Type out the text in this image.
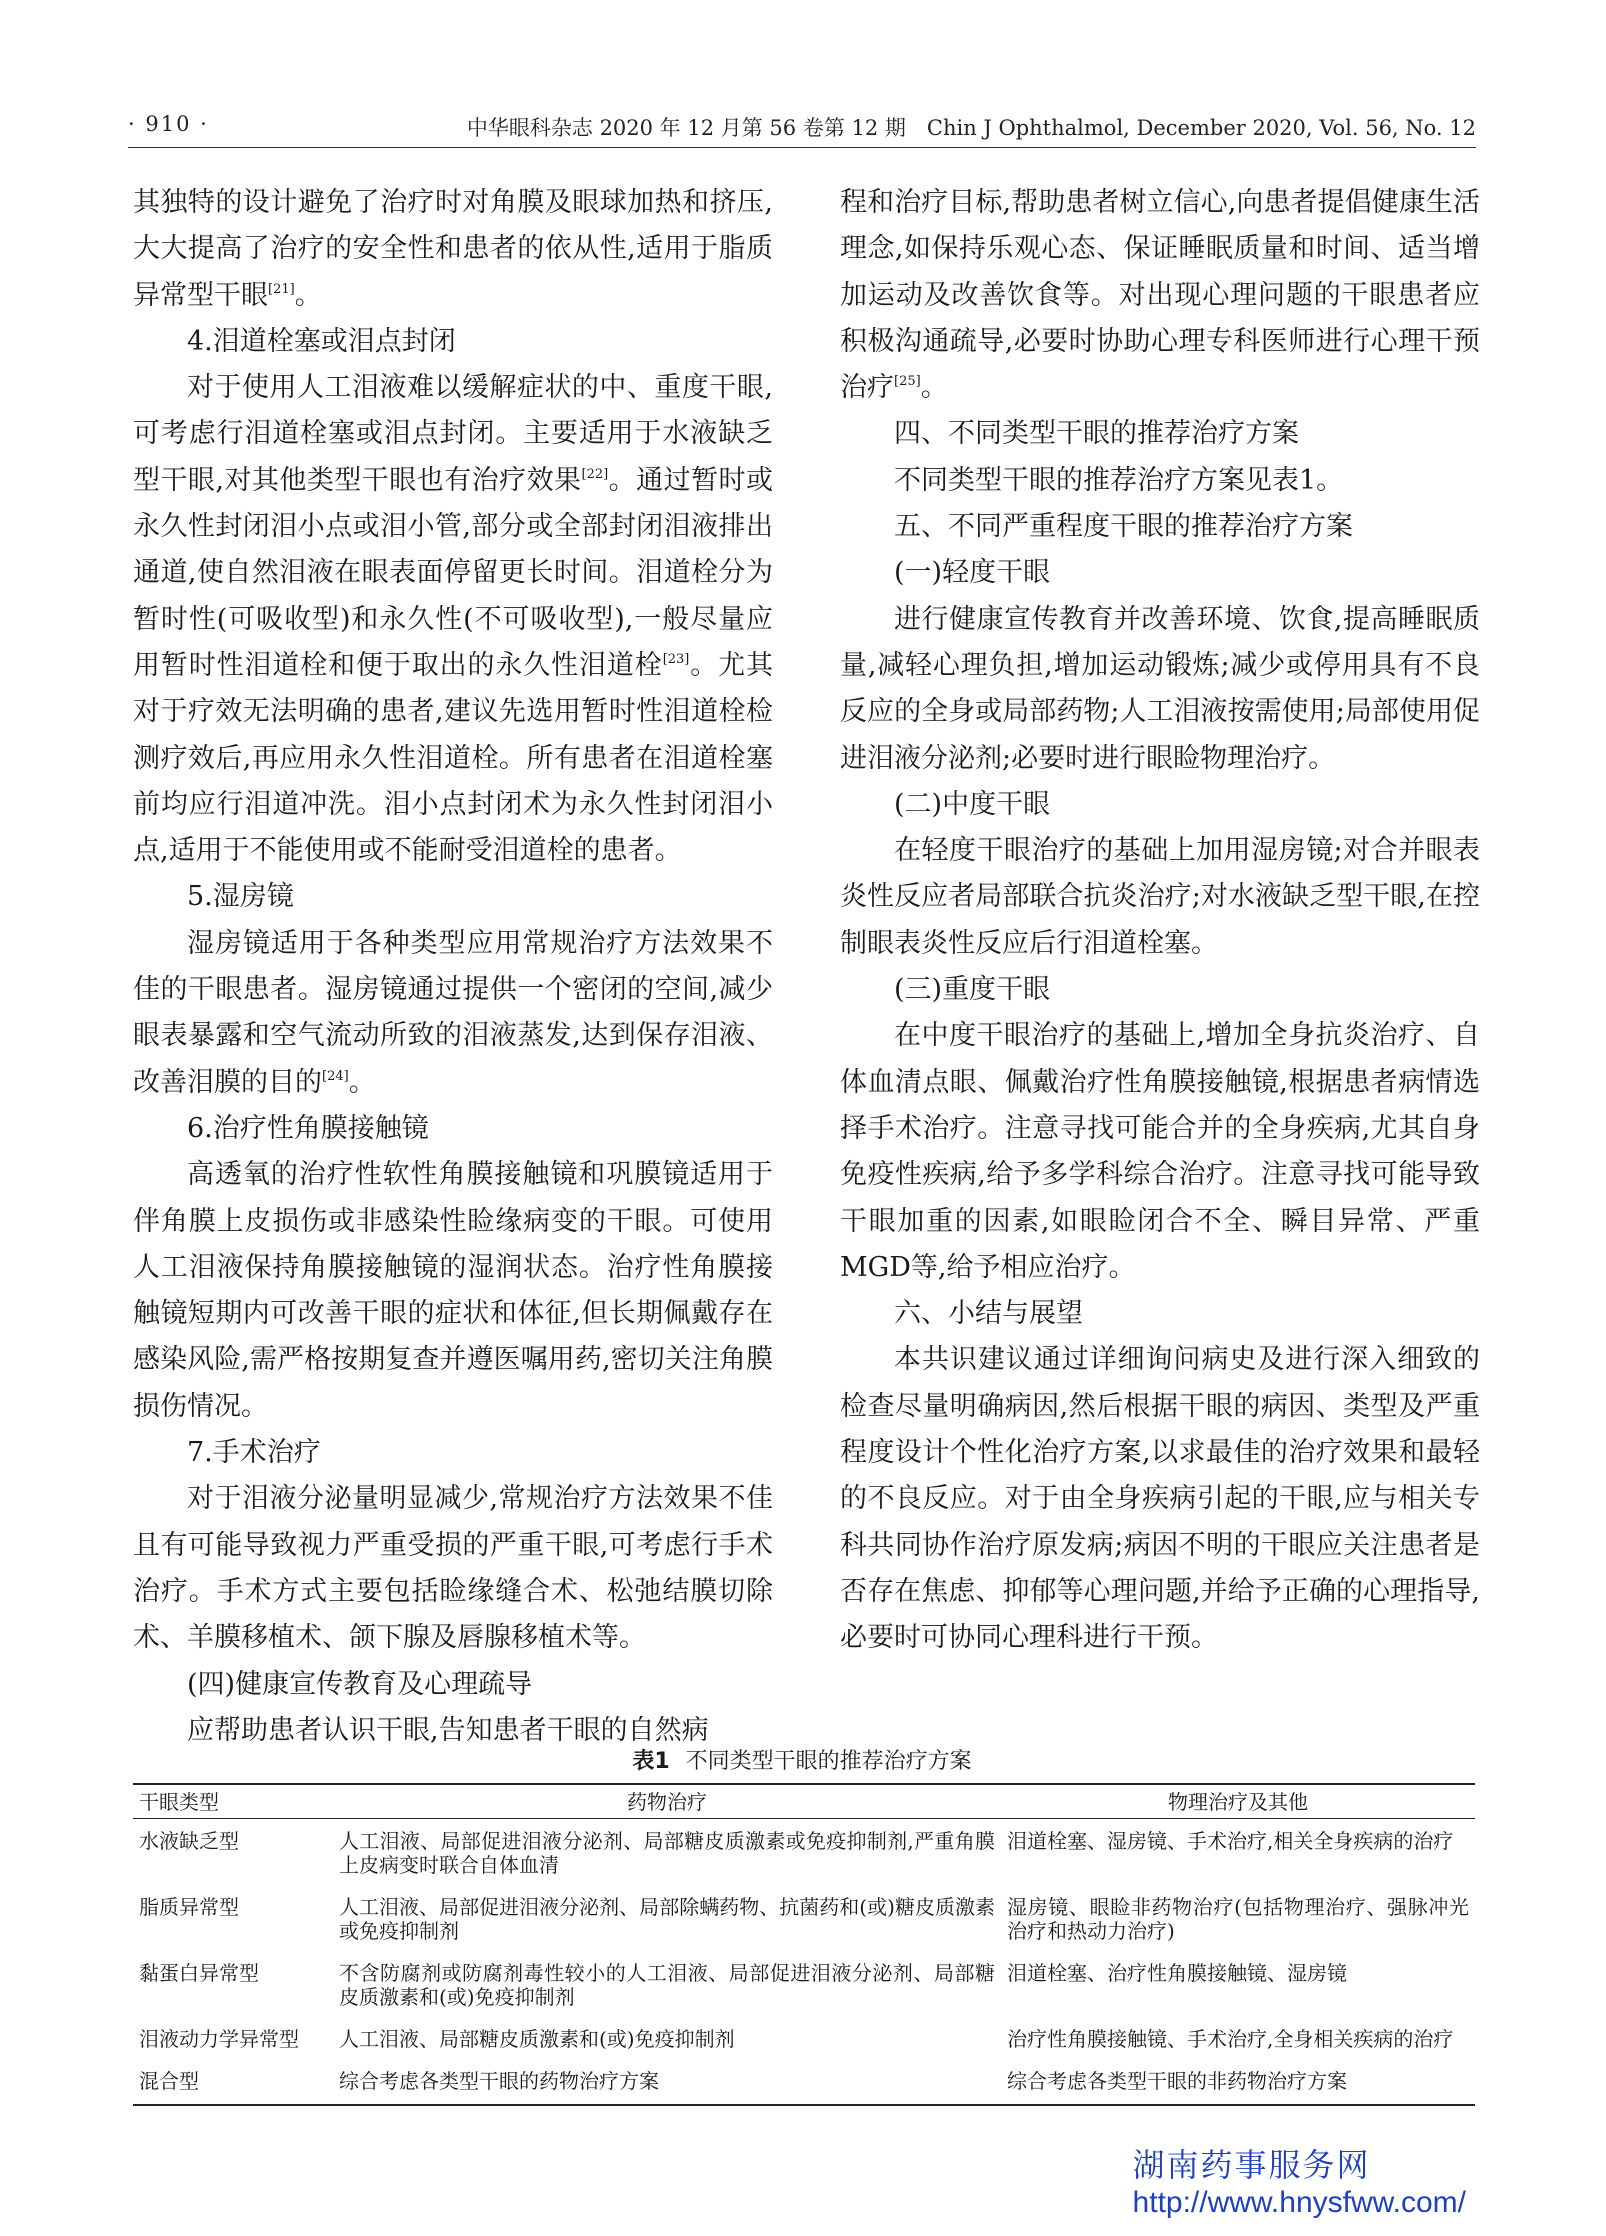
· 910 ·	中华眼科杂志 2020 年 12 月第 56 卷第 12 期　Chin J Ophthalmol, December 2020, Vol. 56, No. 12

其独特的设计避免了治疗时对角膜及眼球加热和挤压,大大提高了治疗的安全性和患者的依从性,适用于脂质异常型干眼[21]。

4.泪道栓塞或泪点封闭

对于使用人工泪液难以缓解症状的中、重度干眼,可考虑行泪道栓塞或泪点封闭。主要适用于水液缺乏型干眼,对其他类型干眼也有治疗效果[22]。通过暂时或永久性封闭泪小点或泪小管,部分或全部封闭泪液排出通道,使自然泪液在眼表面停留更长时间。泪道栓分为暂时性(可吸收型)和永久性(不可吸收型),一般尽量应用暂时性泪道栓和便于取出的永久性泪道栓[23]。尤其对于疗效无法明确的患者,建议先选用暂时性泪道栓检测疗效后,再应用永久性泪道栓。所有患者在泪道栓塞前均应行泪道冲洗。泪小点封闭术为永久性封闭泪小点,适用于不能使用或不能耐受泪道栓的患者。

5.湿房镜

湿房镜适用于各种类型应用常规治疗方法效果不佳的干眼患者。湿房镜通过提供一个密闭的空间,减少眼表暴露和空气流动所致的泪液蒸发,达到保存泪液、改善泪膜的目的[24]。

6.治疗性角膜接触镜

高透氧的治疗性软性角膜接触镜和巩膜镜适用于伴角膜上皮损伤或非感染性睑缘病变的干眼。可使用人工泪液保持角膜接触镜的湿润状态。治疗性角膜接触镜短期内可改善干眼的症状和体征,但长期佩戴存在感染风险,需严格按期复查并遵医嘱用药,密切关注角膜损伤情况。

7.手术治疗

对于泪液分泌量明显减少,常规治疗方法效果不佳且有可能导致视力严重受损的严重干眼,可考虑行手术治疗。手术方式主要包括睑缘缝合术、松弛结膜切除术、羊膜移植术、颌下腺及唇腺移植术等。

(四)健康宣传教育及心理疏导

应帮助患者认识干眼,告知患者干眼的自然病

程和治疗目标,帮助患者树立信心,向患者提倡健康生活理念,如保持乐观心态、保证睡眠质量和时间、适当增加运动及改善饮食等。对出现心理问题的干眼患者应积极沟通疏导,必要时协助心理专科医师进行心理干预治疗[25]。

四、不同类型干眼的推荐治疗方案

不同类型干眼的推荐治疗方案见表1。

五、不同严重程度干眼的推荐治疗方案

(一)轻度干眼

进行健康宣传教育并改善环境、饮食,提高睡眠质量,减轻心理负担,增加运动锻炼;减少或停用具有不良反应的全身或局部药物;人工泪液按需使用;局部使用促进泪液分泌剂;必要时进行眼睑物理治疗。

(二)中度干眼

在轻度干眼治疗的基础上加用湿房镜;对合并眼表炎性反应者局部联合抗炎治疗;对水液缺乏型干眼,在控制眼表炎性反应后行泪道栓塞。

(三)重度干眼

在中度干眼治疗的基础上,增加全身抗炎治疗、自体血清点眼、佩戴治疗性角膜接触镜,根据患者病情选择手术治疗。注意寻找可能合并的全身疾病,尤其自身免疫性疾病,给予多学科综合治疗。注意寻找可能导致干眼加重的因素,如眼睑闭合不全、瞬目异常、严重MGD等,给予相应治疗。

六、小结与展望

本共识建议通过详细询问病史及进行深入细致的检查尽量明确病因,然后根据干眼的病因、类型及严重程度设计个性化治疗方案,以求最佳的治疗效果和最轻的不良反应。对于由全身疾病引起的干眼,应与相关专科共同协作治疗原发病;病因不明的干眼应关注患者是否存在焦虑、抑郁等心理问题,并给予正确的心理指导,必要时可协同心理科进行干预。

表1 不同类型干眼的推荐治疗方案
干眼类型	药物治疗	物理治疗及其他
水液缺乏型	人工泪液、局部促进泪液分泌剂、局部糖皮质激素或免疫抑制剂,严重角膜上皮病变时联合自体血清	泪道栓塞、湿房镜、手术治疗,相关全身疾病的治疗
脂质异常型	人工泪液、局部促进泪液分泌剂、局部除螨药物、抗菌药和(或)糖皮质激素或免疫抑制剂	湿房镜、眼睑非药物治疗(包括物理治疗、强脉冲光治疗和热动力治疗)
黏蛋白异常型	不含防腐剂或防腐剂毒性较小的人工泪液、局部促进泪液分泌剂、局部糖皮质激素和(或)免疫抑制剂	泪道栓塞、治疗性角膜接触镜、湿房镜
泪液动力学异常型	人工泪液、局部糖皮质激素和(或)免疫抑制剂	治疗性角膜接触镜、手术治疗,全身相关疾病的治疗
混合型	综合考虑各类型干眼的药物治疗方案	综合考虑各类型干眼的非药物治疗方案
湖南药事服务网
http://www.hnysfww.com/
